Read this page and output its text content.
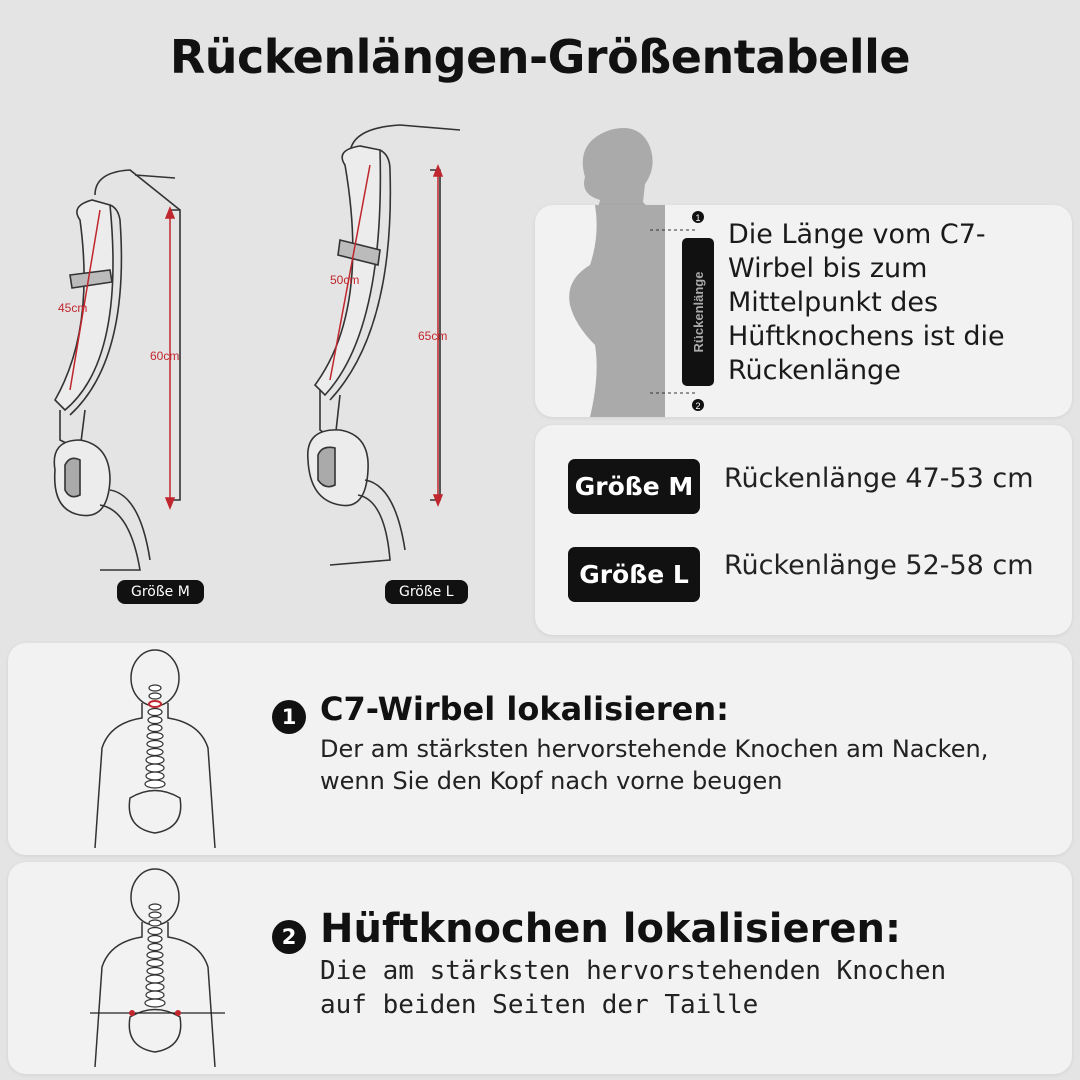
Rückenlängen-Größentabelle
45cm
60cm
50cm
65cm
Größe M	Größe L
1
2
Rückenlänge
Die Länge vom C7-Wirbel bis zum Mittelpunkt des Hüftknochens ist die Rückenlänge
Größe M Rückenlänge 47-53 cm
Größe L	Rückenlänge 52-58 cm
1 C7-Wirbel lokalisieren:
Der am stärksten hervorstehende Knochen am Nacken,
wenn Sie den Kopf nach vorne beugen
2 Hüftknochen lokalisieren:
Die am stärksten hervorstehenden Knochen
auf beiden Seiten der Taille
